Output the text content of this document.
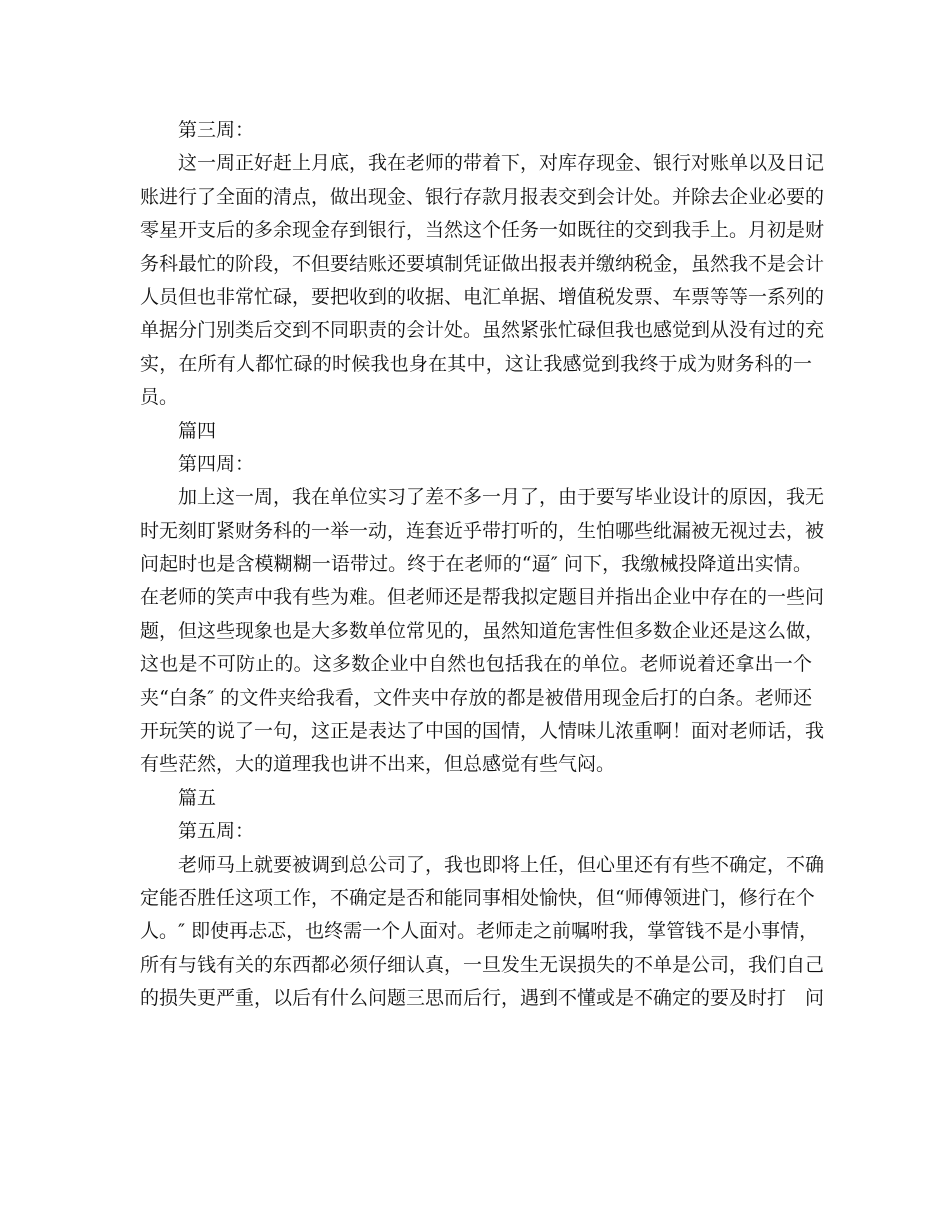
第三周：
这一周正好赶上月底，我在老师的带着下，对库存现金、银行对账单以及日记
账进行了全面的清点，做出现金、银行存款月报表交到会计处。并除去企业必要的
零星开支后的多余现金存到银行，当然这个任务一如既往的交到我手上。月初是财
务科最忙的阶段，不但要结账还要填制凭证做出报表并缴纳税金，虽然我不是会计
人员但也非常忙碌，要把收到的收据、电汇单据、增值税发票、车票等等一系列的
单据分门别类后交到不同职责的会计处。虽然紧张忙碌但我也感觉到从没有过的充
实，在所有人都忙碌的时候我也身在其中，这让我感觉到我终于成为财务科的一
员。
篇四
第四周：
加上这一周，我在单位实习了差不多一月了，由于要写毕业设计的原因，我无
时无刻盯紧财务科的一举一动，连套近乎带打听的，生怕哪些纰漏被无视过去，被
问起时也是含模糊糊一语带过。终于在老师的“逼″ 问下，我缴械投降道出实情。
在老师的笑声中我有些为难。但老师还是帮我拟定题目并指出企业中存在的一些问
题，但这些现象也是大多数单位常见的，虽然知道危害性但多数企业还是这么做，
这也是不可防止的。这多数企业中自然也包括我在的单位。老师说着还拿出一个
夹“白条″ 的文件夹给我看，文件夹中存放的都是被借用现金后打的白条。老师还
开玩笑的说了一句，这正是表达了中国的国情，人情味儿浓重啊！面对老师话，我
有些茫然，大的道理我也讲不出来，但总感觉有些气闷。
篇五
第五周：
老师马上就要被调到总公司了，我也即将上任，但心里还有有些不确定，不确
定能否胜任这项工作，不确定是否和能同事相处愉快，但“师傅领进门，修行在个
人。″ 即使再忐忑，也终需一个人面对。老师走之前嘱咐我，掌管钱不是小事情，
所有与钱有关的东西都必须仔细认真，一旦发生无误损失的不单是公司，我们自己
的损失更严重，以后有什么问题三思而后行，遇到不懂或是不确定的要及时打　问
